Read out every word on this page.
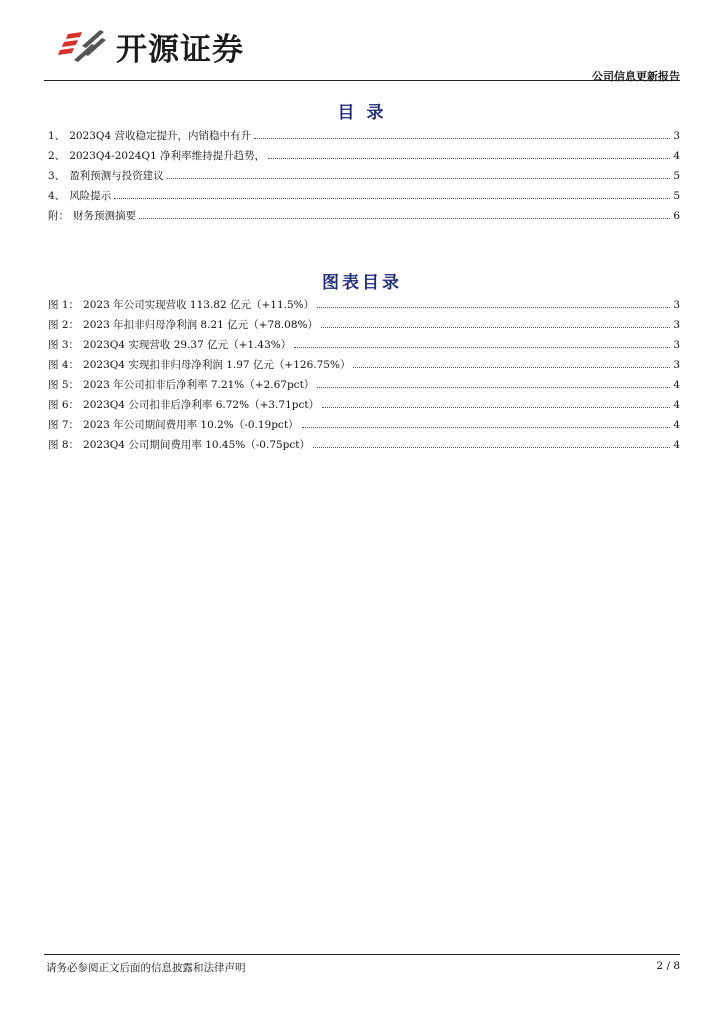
开源证券
公司信息更新报告
目 录
1、 2023Q4 营收稳定提升，内销稳中有升	3
2、 2023Q4-2024Q1 净利率维持提升趋势，	4
3、 盈利预测与投资建议	5
4、 风险提示	5
附： 财务预测摘要	6
图表目录
图 1： 2023 年公司实现营收 113.82 亿元（+11.5%）	3
图 2： 2023 年扣非归母净利润 8.21 亿元（+78.08%）	3
图 3： 2023Q4 实现营收 29.37 亿元（+1.43%）	3
图 4： 2023Q4 实现扣非归母净利润 1.97 亿元（+126.75%）	3
图 5： 2023 年公司扣非后净利率 7.21%（+2.67pct）	4
图 6： 2023Q4 公司扣非后净利率 6.72%（+3.71pct）	4
图 7： 2023 年公司期间费用率 10.2%（-0.19pct）	4
图 8： 2023Q4 公司期间费用率 10.45%（-0.75pct）	4
请务必参阅正文后面的信息披露和法律声明	2 / 8
